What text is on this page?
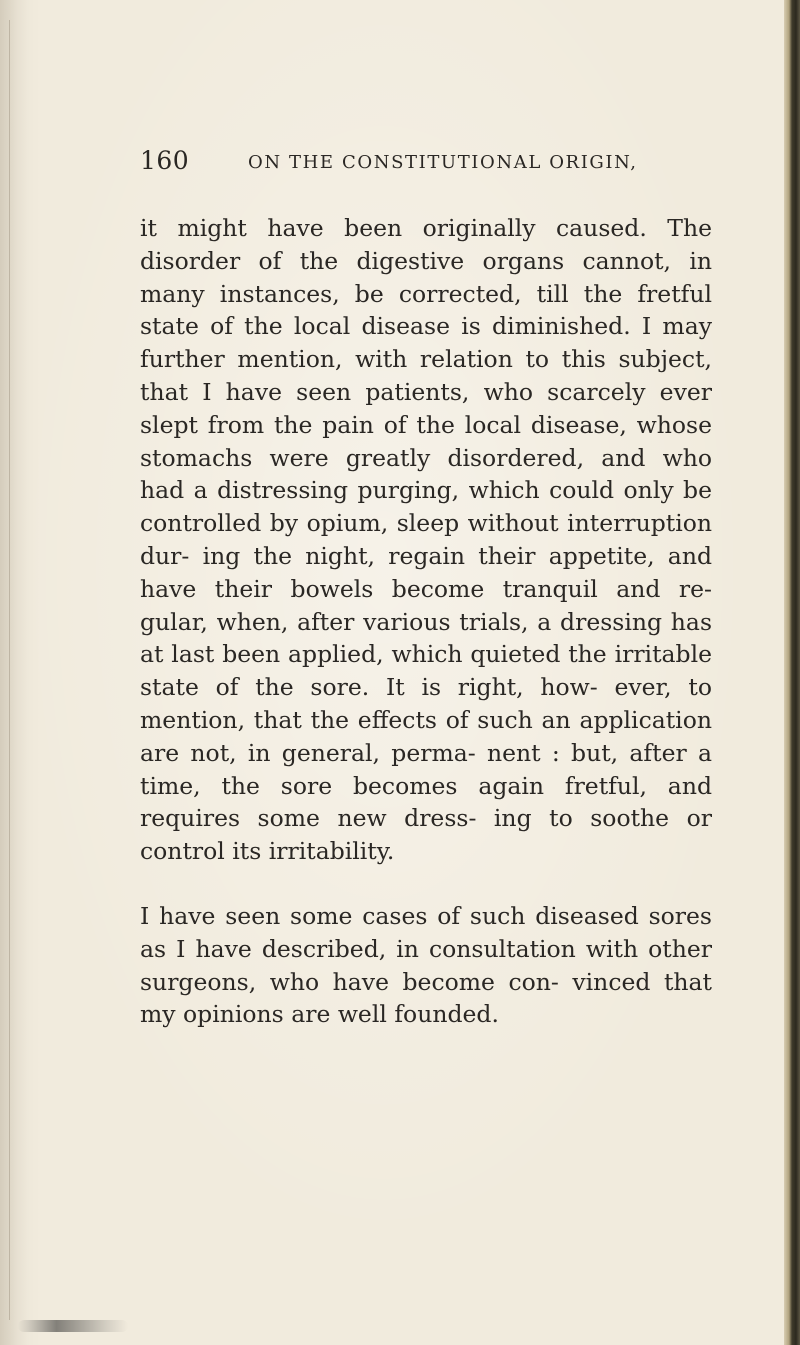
160	ON THE CONSTITUTIONAL ORIGIN,

it might have been originally caused. The disorder of the digestive organs cannot, in many instances, be corrected, till the fretful state of the local disease is diminished. I may further mention, with relation to this subject, that I have seen patients, who scarcely ever slept from the pain of the local disease, whose stomachs were greatly disordered, and who had a distressing purging, which could only be controlled by opium, sleep without interruption dur- ing the night, regain their appetite, and have their bowels become tranquil and re- gular, when, after various trials, a dressing has at last been applied, which quieted the irritable state of the sore. It is right, how- ever, to mention, that the effects of such an application are not, in general, perma- nent : but, after a time, the sore becomes again fretful, and requires some new dress- ing to soothe or control its irritability.

I have seen some cases of such diseased sores as I have described, in consultation with other surgeons, who have become con- vinced that my opinions are well founded.
